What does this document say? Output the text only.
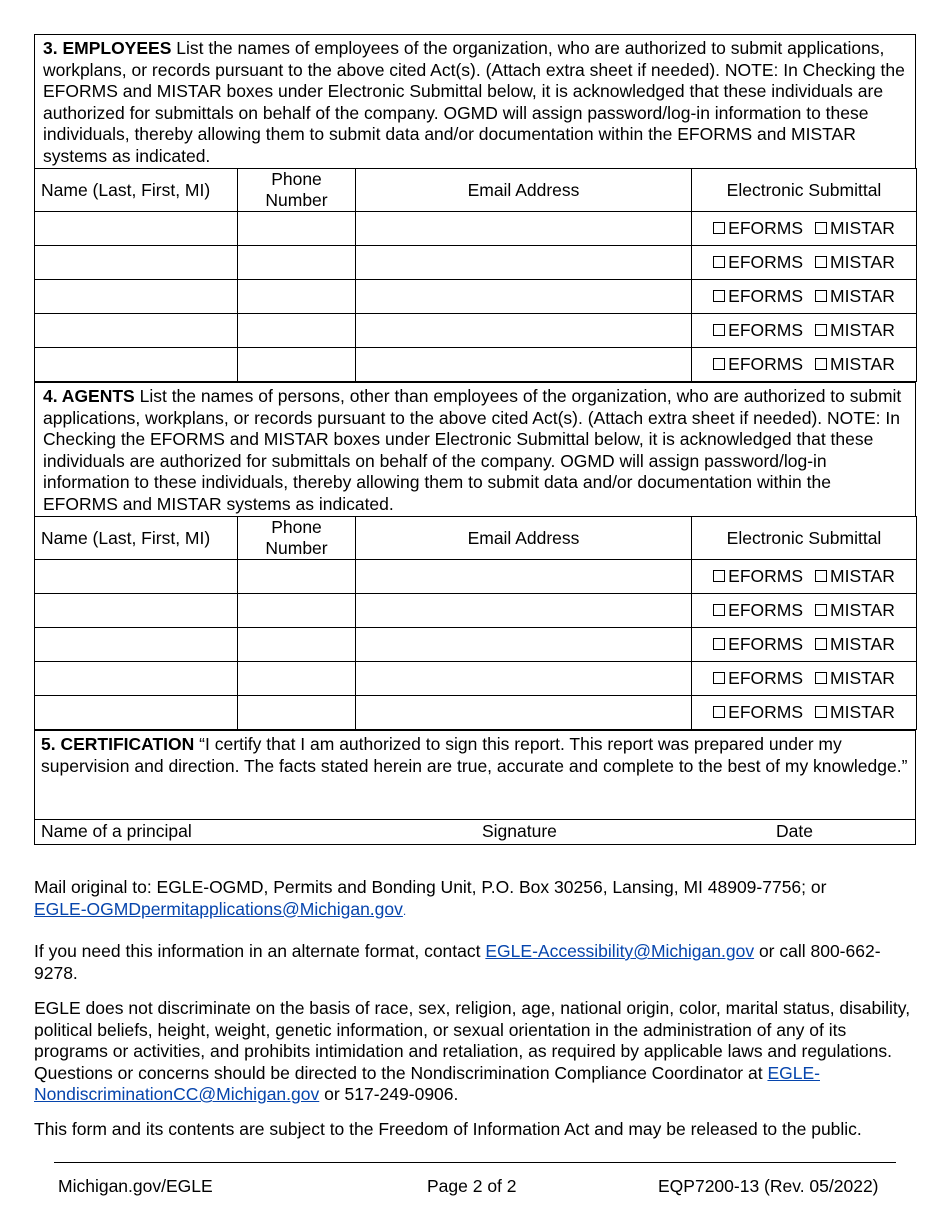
3. EMPLOYEES List the names of employees of the organization, who are authorized to submit applications, workplans, or records pursuant to the above cited Act(s). (Attach extra sheet if needed). NOTE: In Checking the EFORMS and MISTAR boxes under Electronic Submittal below, it is acknowledged that these individuals are authorized for submittals on behalf of the company. OGMD will assign password/log-in information to these individuals, thereby allowing them to submit data and/or documentation within the EFORMS and MISTAR systems as indicated.
Name (Last, First, MI)	Phone Number	Email Address	Electronic Submittal

			EFORMS MISTAR

			EFORMS MISTAR

			EFORMS MISTAR

			EFORMS MISTAR

			EFORMS MISTAR
4. AGENTS List the names of persons, other than employees of the organization, who are authorized to submit applications, workplans, or records pursuant to the above cited Act(s). (Attach extra sheet if needed). NOTE: In Checking the EFORMS and MISTAR boxes under Electronic Submittal below, it is acknowledged that these individuals are authorized for submittals on behalf of the company. OGMD will assign password/log-in information to these individuals, thereby allowing them to submit data and/or documentation within the EFORMS and MISTAR systems as indicated.
Name (Last, First, MI)	Phone Number	Email Address	Electronic Submittal

			EFORMS MISTAR

			EFORMS MISTAR

			EFORMS MISTAR

			EFORMS MISTAR

			EFORMS MISTAR
5. CERTIFICATION “I certify that I am authorized to sign this report. This report was prepared under my supervision and direction. The facts stated herein are true, accurate and complete to the best of my knowledge.”
Name of a principal	Signature	Date
Mail original to: EGLE-OGMD, Permits and Bonding Unit, P.O. Box 30256, Lansing, MI 48909-7756; or
EGLE-OGMDpermitapplications@Michigan.gov.
If you need this information in an alternate format, contact EGLE-Accessibility@Michigan.gov or call 800-662-9278.
EGLE does not discriminate on the basis of race, sex, religion, age, national origin, color, marital status, disability, political beliefs, height, weight, genetic information, or sexual orientation in the administration of any of its programs or activities, and prohibits intimidation and retaliation, as required by applicable laws and regulations. Questions or concerns should be directed to the Nondiscrimination Compliance Coordinator at EGLE-NondiscriminationCC@Michigan.gov or 517-249-0906.
This form and its contents are subject to the Freedom of Information Act and may be released to the public.
Michigan.gov/EGLE	Page 2 of 2	EQP7200-13 (Rev. 05/2022)
